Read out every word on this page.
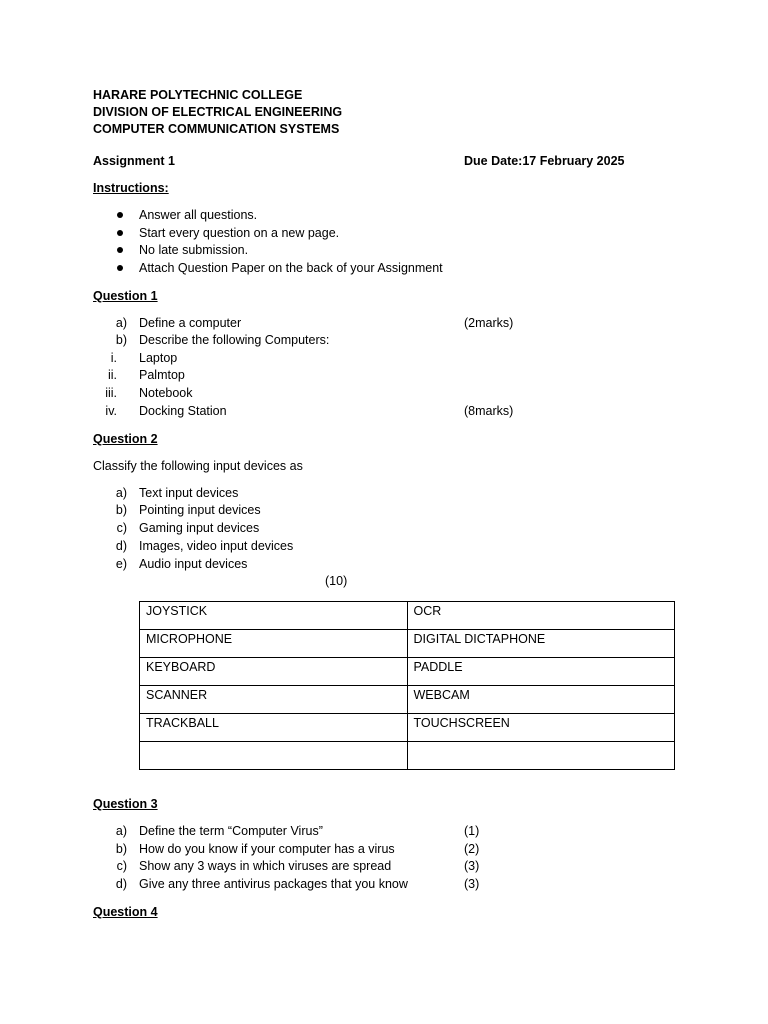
HARARE POLYTECHNIC COLLEGE
DIVISION OF ELECTRICAL ENGINEERING
COMPUTER COMMUNICATION SYSTEMS
Assignment 1	Due Date:17 February 2025
Instructions:
Answer all questions.
Start every question on a new page.
No late submission.
Attach Question Paper on the back of your Assignment
Question 1
a) Define a computer	(2marks)
b) Describe the following Computers:
i. Laptop
ii. Palmtop
iii. Notebook
iv. Docking Station	(8marks)
Question 2
Classify the following input devices as
a) Text input devices
b) Pointing input devices
c) Gaming input devices
d) Images, video input devices
e) Audio input devices
(10)
JOYSTICK	OCR

MICROPHONE	DIGITAL DICTAPHONE

KEYBOARD	PADDLE

SCANNER	WEBCAM

TRACKBALL	TOUCHSCREEN

Question 3
a) Define the term “Computer Virus”	(1)
b) How do you know if your computer has a virus	(2)
c) Show any 3 ways in which viruses are spread	(3)
d) Give any three antivirus packages that you know	(3)
Question 4
